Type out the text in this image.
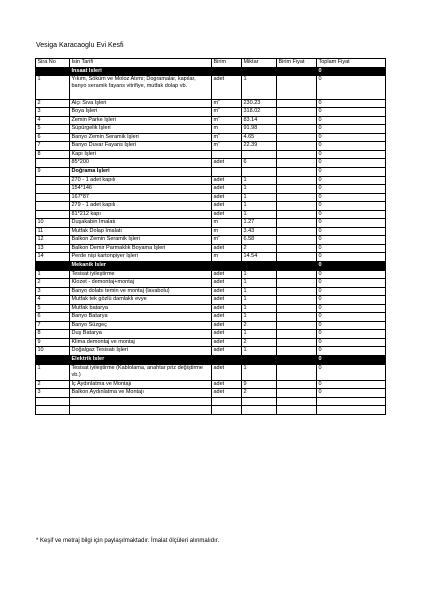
Vesiga Karacaoglu Evi Kesfi
Sira No	Isin Tarifi	Birim	Miktar	Birim Fiyat	Toplam Fiyat
	Insaat Isleri				0
1	Yıkım, Söküm ve Moloz Atımı; Dogramalar, kapılar, banyo seramik fayans vitrifiye, mutfak dolap vb.	adet	1		0
2	Alçı Sıva İşleri	$m^2$	230.23		0
3	Boya İşleri	$m^2$	318.02		0
4	Zemin Parke İşleri	$m^2$	83.14		0
5	Süpürgelik İşleri	m	91.98		0
6	Banyo Zemin Seramik İşleri	$m^2$	4.65		0
7	Banyo Duvar Fayans İşleri	$m^2$	22.39		0
8	Kapı İşleri				0
	85*200	adet	6		0
9	Doğrama İşleri				0
	270 - 1 adet kapılı	adet	1		0
	154*146	adet	1		0
	167*87	adet	1		0
	279 - 1 adet kapılı	adet	1		0
	81*212 kapı	adet	1		0
10	Duşakabin İmalatı	m	1.27		0
11	Mutfak Dolap İmalatı	m	3.43		0
12	Balkon Zemin Seramik İşleri	$m^2$	6.58		0
13	Balkon Demir Parmaklık Boyama İşleri	adet	2		0
14	Perde nişi kartonpiyer İşleri	m	14.54		0
	Mekanik Isler				0
1	Tesisat iyileştirme	adet	1		0
2	Klozet - demontaj+montaj	adet	1		0
3	Banyo dolabı temin ve montaj (lavabolu)	adet	1		0
4	Mutfak tek gözlü damlaklı evye	adet	1		0
5	Mutfak batarya	adet	1		0
6	Banyo Batarya	adet	1		0
7	Banyo Süzgeç	adet	2		0
8	Duş Batarya	adet	1		0
9	Klima demontaj ve montaj	adet	2		0
10	Doğalgaz Tesisatı İşleri	adet	1		0
	Elektrik Isler				0
1	Tesisat iyileştirme (Kablolama, anahtar priz değiştirme vb.)	adet	1		0
2	İç Aydınlatma ve Montajı	adet	9		0
3	Balkon Aydınlatma ve Montajı	adet	2		0

* Keşif ve metraj bilgi için paylaşılmaktadır. İmalat ölçüleri alınmalıdır.
